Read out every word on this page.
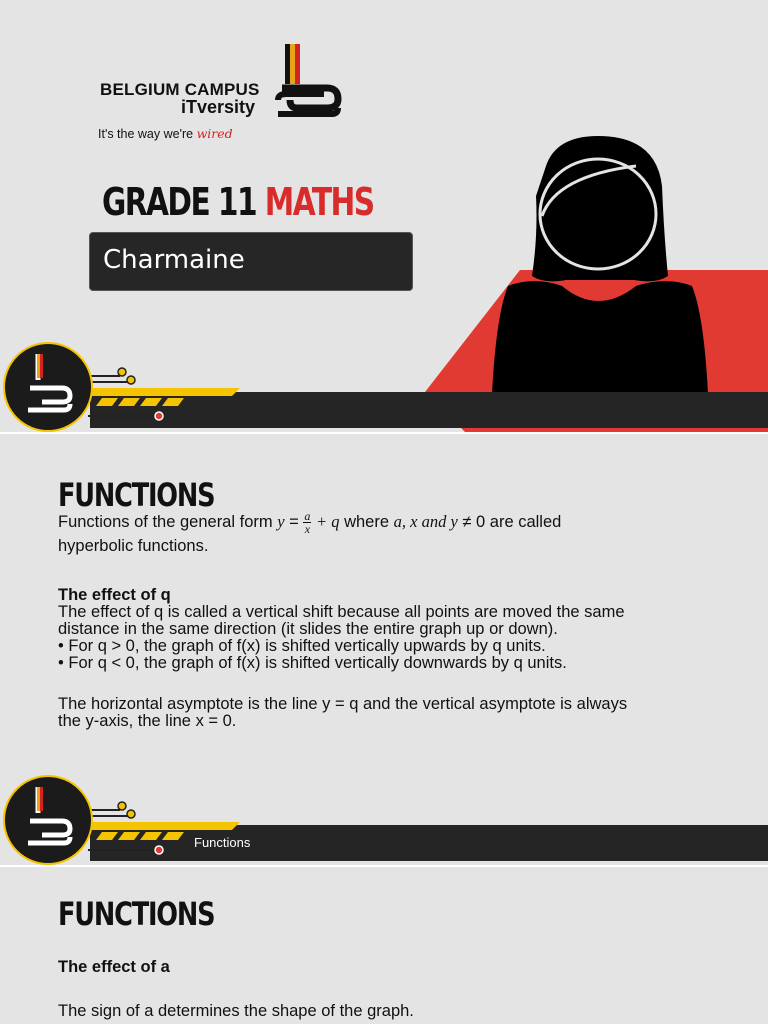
BELGIUM CAMPUS
iTversity
It's the way we're wired
GRADE 11 MATHS
Charmaine
FUNCTIONS
Functions of the general form $y = \frac{a}{x} + q$ where a, x and y ≠ 0 are called
hyperbolic functions.
The effect of q
The effect of q is called a vertical shift because all points are moved the same
distance in the same direction (it slides the entire graph up or down).
• For q > 0, the graph of f(x) is shifted vertically upwards by q units.
• For q < 0, the graph of f(x) is shifted vertically downwards by q units.
The horizontal asymptote is the line y = q and the vertical asymptote is always
the y-axis, the line x = 0.
Functions
FUNCTIONS
The effect of a
The sign of a determines the shape of the graph.
